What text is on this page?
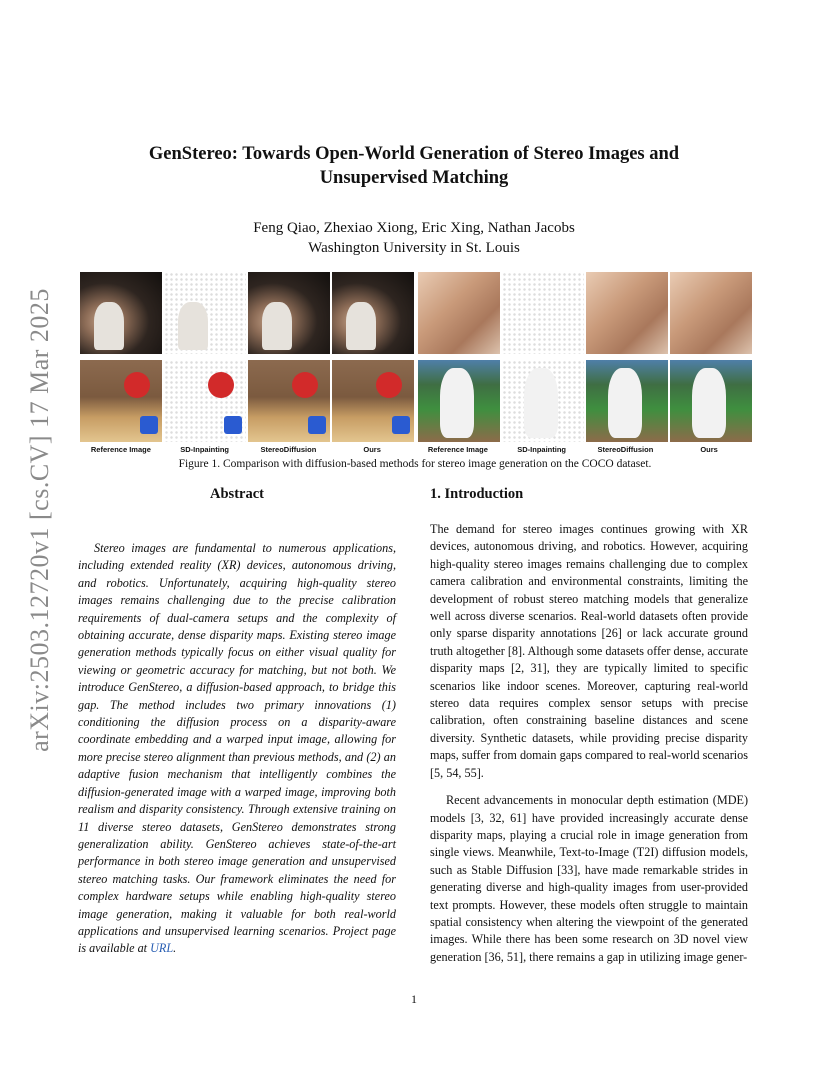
arXiv:2503.12720v1 [cs.CV] 17 Mar 2025
GenStereo: Towards Open-World Generation of Stereo Images and
Unsupervised Matching
Feng Qiao, Zhexiao Xiong, Eric Xing, Nathan Jacobs
Washington University in St. Louis
Reference Image	SD-Inpainting	StereoDiffusion	Ours	Reference Image	SD-Inpainting	StereoDiffusion	Ours
Figure 1. Comparison with diffusion-based methods for stereo image generation on the COCO dataset.
Abstract

Stereo images are fundamental to numerous applications, including extended reality (XR) devices, autonomous driving, and robotics. Unfortunately, acquiring high-quality stereo images remains challenging due to the precise calibration requirements of dual-camera setups and the complexity of obtaining accurate, dense disparity maps. Existing stereo image generation methods typically focus on either visual quality for viewing or geometric accuracy for matching, but not both. We introduce GenStereo, a diffusion-based approach, to bridge this gap. The method includes two primary innovations (1) conditioning the diffusion process on a disparity-aware coordinate embedding and a warped input image, allowing for more precise stereo alignment than previous methods, and (2) an adaptive fusion mechanism that intelligently combines the diffusion-generated image with a warped image, improving both realism and disparity consistency. Through extensive training on 11 diverse stereo datasets, GenStereo demonstrates strong generalization ability. GenStereo achieves state-of-the-art performance in both stereo image generation and unsupervised stereo matching tasks. Our framework eliminates the need for complex hardware setups while enabling high-quality stereo image generation, making it valuable for both real-world applications and unsupervised learning scenarios. Project page is available at URL.

1. Introduction

The demand for stereo images continues growing with XR devices, autonomous driving, and robotics. However, acquiring high-quality stereo images remains challenging due to complex camera calibration and environmental constraints, limiting the development of robust stereo matching models that generalize well across diverse scenarios. Real-world datasets often provide only sparse disparity annotations [26] or lack accurate ground truth altogether [8]. Although some datasets offer dense, accurate disparity maps [2, 31], they are typically limited to specific scenarios like indoor scenes. Moreover, capturing real-world stereo data requires complex sensor setups with precise calibration, often constraining baseline distances and scene diversity. Synthetic datasets, while providing precise disparity maps, suffer from domain gaps compared to real-world scenarios [5, 54, 55].

Recent advancements in monocular depth estimation (MDE) models [3, 32, 61] have provided increasingly accurate dense disparity maps, playing a crucial role in image generation from single views. Meanwhile, Text-to-Image (T2I) diffusion models, such as Stable Diffusion [33], have made remarkable strides in generating diverse and high-quality images from user-provided text prompts. However, these models often struggle to maintain spatial consistency when altering the viewpoint of the generated images. While there has been some research on 3D novel view generation [36, 51], there remains a gap in utilizing image gener-

1
